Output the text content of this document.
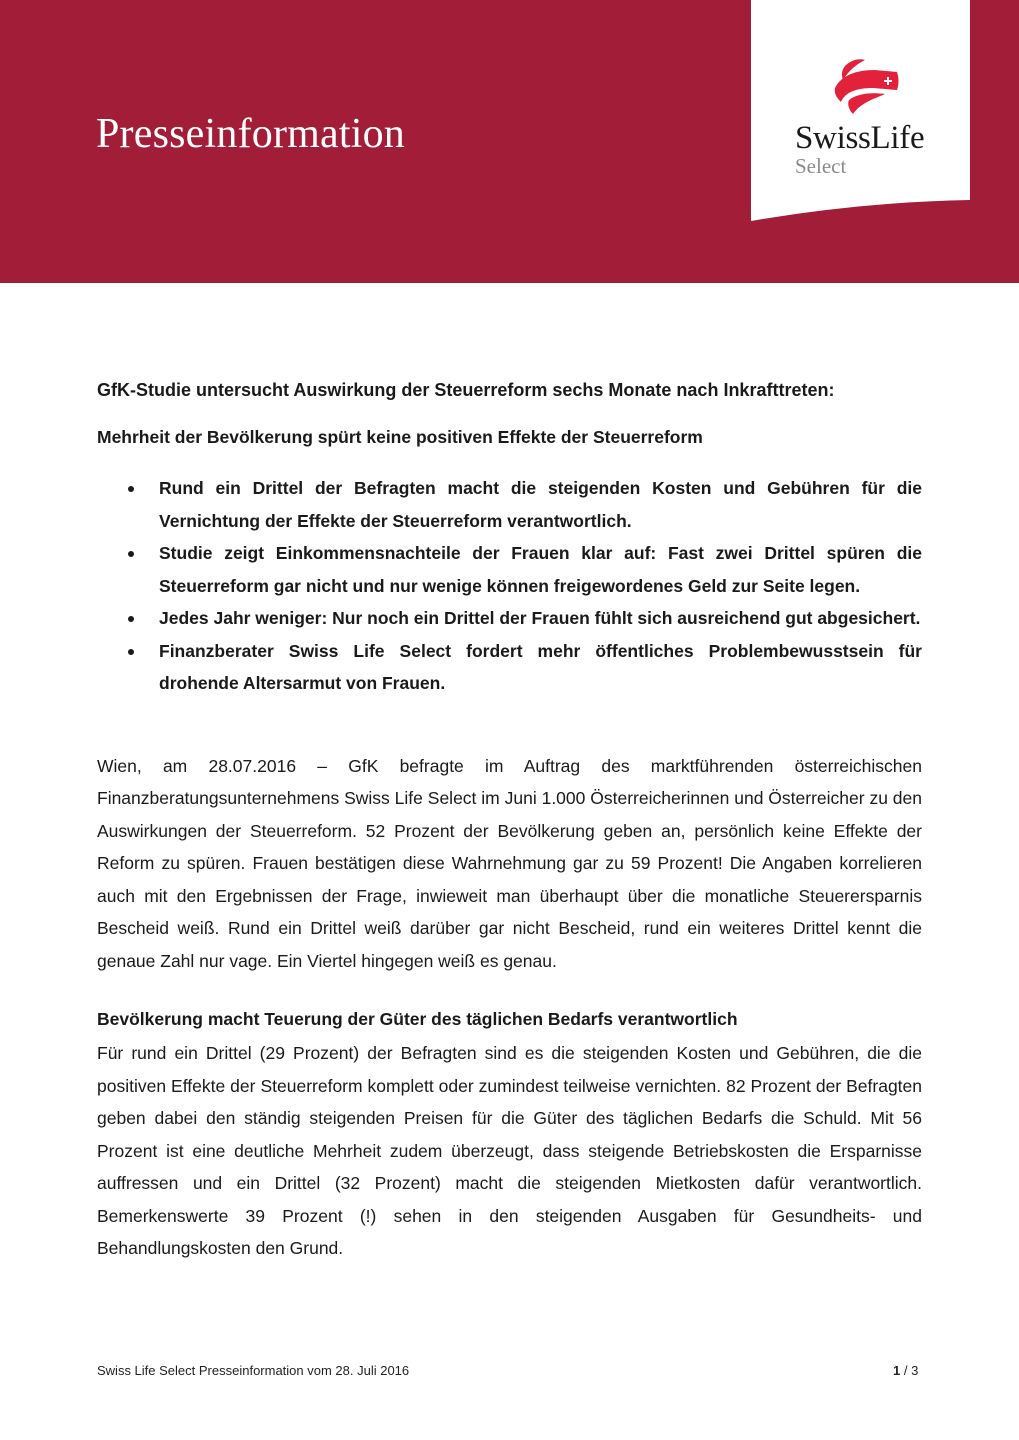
Presseinformation	SwissLife
Select
GfK-Studie untersucht Auswirkung der Steuerreform sechs Monate nach Inkrafttreten:
Mehrheit der Bevölkerung spürt keine positiven Effekte der Steuerreform
Rund ein Drittel der Befragten macht die steigenden Kosten und Gebühren für die Vernichtung der Effekte der Steuerreform verantwortlich.
Studie zeigt Einkommensnachteile der Frauen klar auf: Fast zwei Drittel spüren die Steuerreform gar nicht und nur wenige können freigewordenes Geld zur Seite legen.
Jedes Jahr weniger: Nur noch ein Drittel der Frauen fühlt sich ausreichend gut abgesichert.
Finanzberater Swiss Life Select fordert mehr öffentliches Problembewusstsein für drohende Altersarmut von Frauen.

Wien, am 28.07.2016 – GfK befragte im Auftrag des marktführenden österreichischen Finanzberatungsunternehmens Swiss Life Select im Juni 1.000 Österreicherinnen und Österreicher zu den Auswirkungen der Steuerreform. 52 Prozent der Bevölkerung geben an, persönlich keine Effekte der Reform zu spüren. Frauen bestätigen diese Wahrnehmung gar zu 59 Prozent! Die Angaben korrelieren auch mit den Ergebnissen der Frage, inwieweit man überhaupt über die monatliche Steuerersparnis Bescheid weiß. Rund ein Drittel weiß darüber gar nicht Bescheid, rund ein weiteres Drittel kennt die genaue Zahl nur vage. Ein Viertel hingegen weiß es genau.

Bevölkerung macht Teuerung der Güter des täglichen Bedarfs verantwortlich

Für rund ein Drittel (29 Prozent) der Befragten sind es die steigenden Kosten und Gebühren, die die positiven Effekte der Steuerreform komplett oder zumindest teilweise vernichten. 82 Prozent der Befragten geben dabei den ständig steigenden Preisen für die Güter des täglichen Bedarfs die Schuld. Mit 56 Prozent ist eine deutliche Mehrheit zudem überzeugt, dass steigende Betriebskosten die Ersparnisse auffressen und ein Drittel (32 Prozent) macht die steigenden Mietkosten dafür verantwortlich. Bemerkenswerte 39 Prozent (!) sehen in den steigenden Ausgaben für Gesundheits- und Behandlungskosten den Grund.

Swiss Life Select Presseinformation vom 28. Juli 2016	1 / 3
